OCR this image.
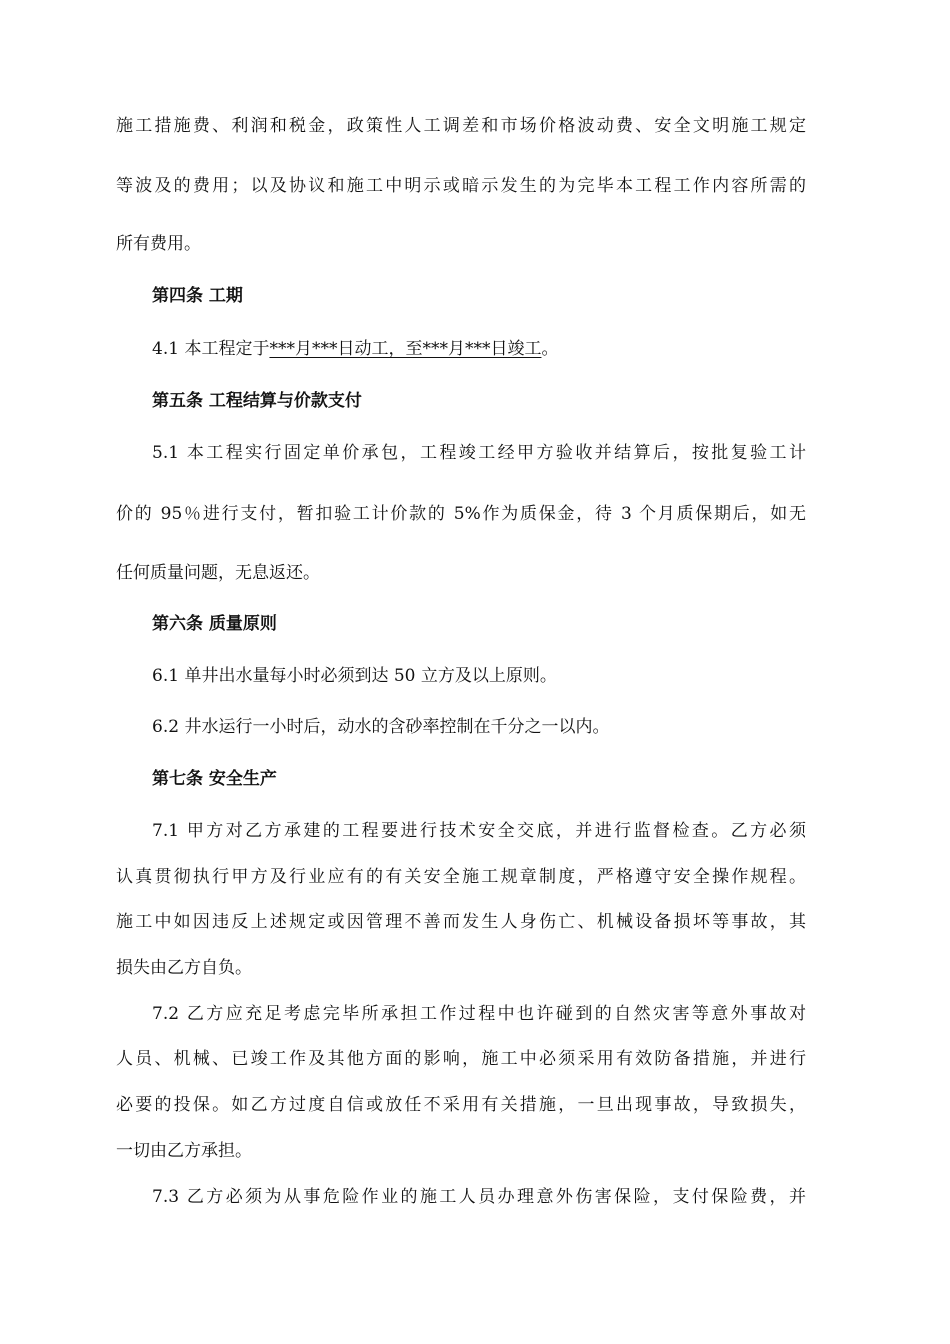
施工措施费、利润和税金，政策性人工调差和市场价格波动费、安全文明施工规定
等波及的费用；以及协议和施工中明示或暗示发生的为完毕本工程工作内容所需的
所有费用。
第四条 工期
4.1 本工程定于***月***日动工，至***月***日竣工。
第五条 工程结算与价款支付
5.1 本工程实行固定单价承包，工程竣工经甲方验收并结算后，按批复验工计
价的 95％进行支付，暂扣验工计价款的 5%作为质保金，待 3 个月质保期后，如无
任何质量问题，无息返还。
第六条 质量原则
6.1 单井出水量每小时必须到达 50 立方及以上原则。
6.2 井水运行一小时后，动水的含砂率控制在千分之一以内。
第七条 安全生产
7.1 甲方对乙方承建的工程要进行技术安全交底，并进行监督检查。乙方必须
认真贯彻执行甲方及行业应有的有关安全施工规章制度，严格遵守安全操作规程。
施工中如因违反上述规定或因管理不善而发生人身伤亡、机械设备损坏等事故，其
损失由乙方自负。
7.2 乙方应充足考虑完毕所承担工作过程中也许碰到的自然灾害等意外事故对
人员、机械、已竣工作及其他方面的影响，施工中必须采用有效防备措施，并进行
必要的投保。如乙方过度自信或放任不采用有关措施，一旦出现事故，导致损失，
一切由乙方承担。
7.3 乙方必须为从事危险作业的施工人员办理意外伤害保险，支付保险费，并
